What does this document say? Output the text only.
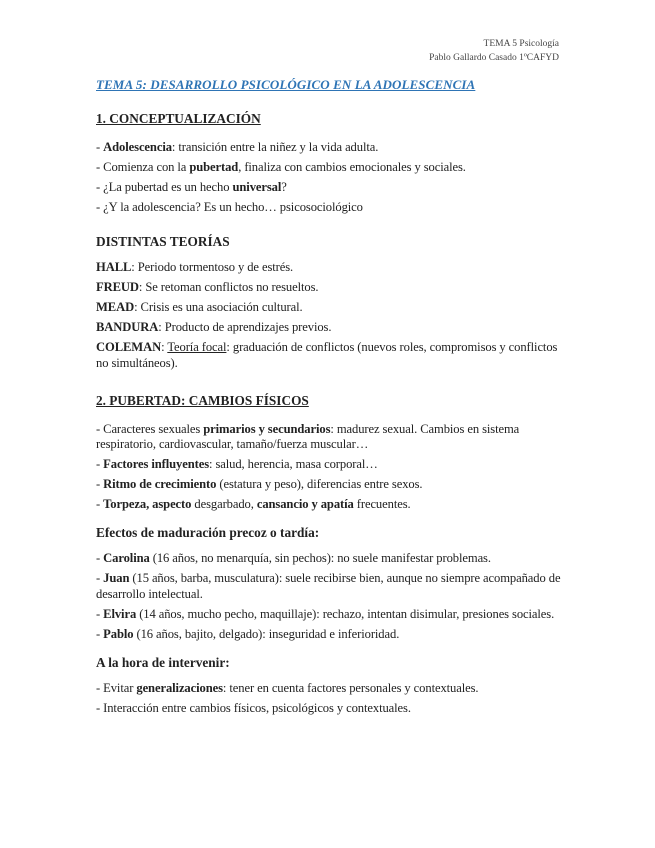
TEMA 5 Psicología
Pablo Gallardo Casado 1ºCAFYD
TEMA 5: DESARROLLO PSICOLÓGICO EN LA ADOLESCENCIA
1. CONCEPTUALIZACIÓN
- Adolescencia: transición entre la niñez y la vida adulta.
- Comienza con la pubertad, finaliza con cambios emocionales y sociales.
- ¿La pubertad es un hecho universal?
- ¿Y la adolescencia? Es un hecho… psicosociológico
DISTINTAS TEORÍAS
HALL: Periodo tormentoso y de estrés.
FREUD: Se retoman conflictos no resueltos.
MEAD: Crisis es una asociación cultural.
BANDURA: Producto de aprendizajes previos.
COLEMAN: Teoría focal: graduación de conflictos (nuevos roles, compromisos y conflictos no simultáneos).
2. PUBERTAD: CAMBIOS FÍSICOS
- Caracteres sexuales primarios y secundarios: madurez sexual. Cambios en sistema respiratorio, cardiovascular, tamaño/fuerza muscular…
- Factores influyentes: salud, herencia, masa corporal…
- Ritmo de crecimiento (estatura y peso), diferencias entre sexos.
- Torpeza, aspecto desgarbado, cansancio y apatía frecuentes.
Efectos de maduración precoz o tardía:
- Carolina (16 años, no menarquía, sin pechos): no suele manifestar problemas.
- Juan (15 años, barba, musculatura): suele recibirse bien, aunque no siempre acompañado de desarrollo intelectual.
- Elvira (14 años, mucho pecho, maquillaje): rechazo, intentan disimular, presiones sociales.
- Pablo (16 años, bajito, delgado): inseguridad e inferioridad.
A la hora de intervenir:
- Evitar generalizaciones: tener en cuenta factores personales y contextuales.
- Interacción entre cambios físicos, psicológicos y contextuales.
